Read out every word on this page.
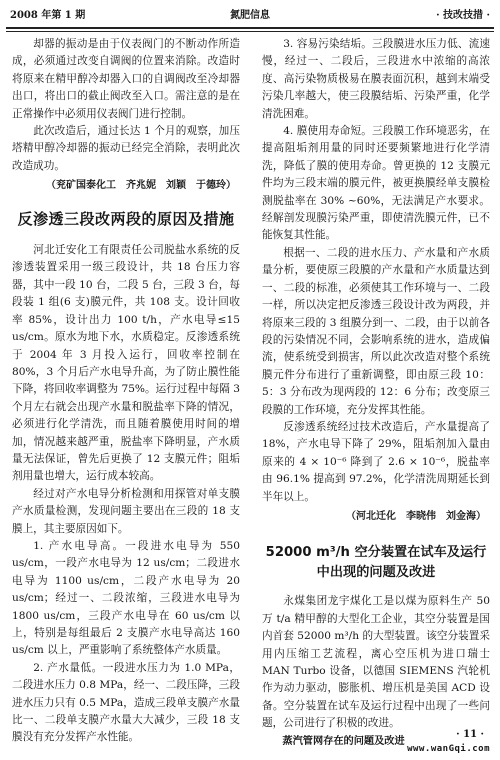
2008 年第 1 期	氮肥信息	· 技改技措 ·

却器的振动是由于仪表阀门的不断动作所造成，必须通过改变自调阀的位置来消除。改造时将原来在精甲醇冷却器入口的自调阀改至冷却器出口，将出口的截止阀改至入口。需注意的是在正常操作中必须用仪表阀门进行控制。

此次改造后，通过长达 1 个月的观察，加压塔精甲醇冷却器的振动已经完全消除，表明此次改造成功。

（兖矿国泰化工　齐兆妮　刘颖　于德玲）
反渗透三段改两段的原因及措施

河北迁安化工有限责任公司脱盐水系统的反渗透装置采用一级三段设计，共 18 台压力容器，其中一段 10 台，二段 5 台，三段 3 台，每段装 1 组(6 支)膜元件，共 108 支。设计回收率 85%，设计出力 100 t/h，产水电导≤15 us/cm。原水为地下水，水质稳定。反渗透系统于 2004 年 3 月投入运行，回收率控制在 80%，3 个月后产水电导升高，为了防止膜性能下降，将回收率调整为 75%。运行过程中每隔 3 个月左右就会出现产水量和脱盐率下降的情况，必须进行化学清洗，而且随着膜使用时间的增加，情况越来越严重，脱盐率下降明显，产水质量无法保证，曾先后更换了 12 支膜元件；阻垢剂用量也增大，运行成本较高。

经过对产水电导分析检测和用探管对单支膜产水质量检测，发现问题主要出在三段的 18 支膜上，其主要原因如下。

1. 产水电导高。一段进水电导为 550 us/cm，一段产水电导为 12 us/cm；二段进水电导为 1100 us/cm，二段产水电导为 20 us/cm；经过一、二段浓缩，三段进水电导为 1800 us/cm，三段产水电导在 60 us/cm 以上，特别是每组最后 2 支膜产水电导高达 160 us/cm 以上，严重影响了系统整体产水质量。

2. 产水量低。一段进水压力为 1.0 MPa，二段进水压力 0.8 MPa，经一、二段压降，三段进水压力只有 0.5 MPa，造成三段单支膜产水量比一、二段单支膜产水量大大减少，三段 18 支膜没有充分发挥产水性能。

3. 容易污染结垢。三段膜进水压力低、流速慢，经过一、二段后，三段进水中浓缩的高浓度、高污染物质极易在膜表面沉积，越到末端受污染几率越大，使三段膜结垢、污染严重，化学清洗困难。

4. 膜使用寿命短。三段膜工作环境恶劣，在提高阻垢剂用量的同时还要频繁地进行化学清洗，降低了膜的使用寿命。曾更换的 12 支膜元件均为三段末端的膜元件，被更换膜经单支膜检测脱盐率在 30% ~60%，无法满足产水要求。经解剖发现膜污染严重，即使清洗膜元件，已不能恢复其性能。

根据一、二段的进水压力、产水量和产水质量分析，要使原三段膜的产水量和产水质量达到一、二段的标准，必须使其工作环境与一、二段一样，所以决定把反渗透三段设计改为两段，并将原来三段的 3 组膜分到一、二段，由于以前各段的污染情况不同，会影响系统的进水，造成偏流，使系统受到损害，所以此次改造对整个系统膜元件分布进行了重新调整，即由原三段 10：5：3 分布改为现两段的 12：6 分布；改变原三段膜的工作环境，充分发挥其性能。

反渗透系统经过技术改造后，产水量提高了 18%，产水电导下降了 29%，阻垢剂加入量由原来的 4 × 10⁻⁶ 降到了 2.6 × 10⁻⁶，脱盐率由 96.1% 提高到 97.2%，化学清洗周期延长到半年以上。

（河北迁化　李晓伟　刘金海）
52000 m³/h 空分装置在试车及运行中出现的问题及改进

永煤集团龙宇煤化工是以煤为原料生产 50 万 t/a 精甲醇的大型化工企业，其空分装置是国内首套 52000 m³/h 的大型装置。该空分装置采用内压缩工艺流程，离心空压机为进口瑞士 MAN Turbo 设备，以德国 SIEMENS 汽轮机作为动力驱动，膨胀机、增压机是美国 ACD 设备。空分装置在试车及运行过程中出现了一些问题，公司进行了积极的改进。

蒸汽管网存在的问题及改进
· 11 ·
www.wanGqi.com
